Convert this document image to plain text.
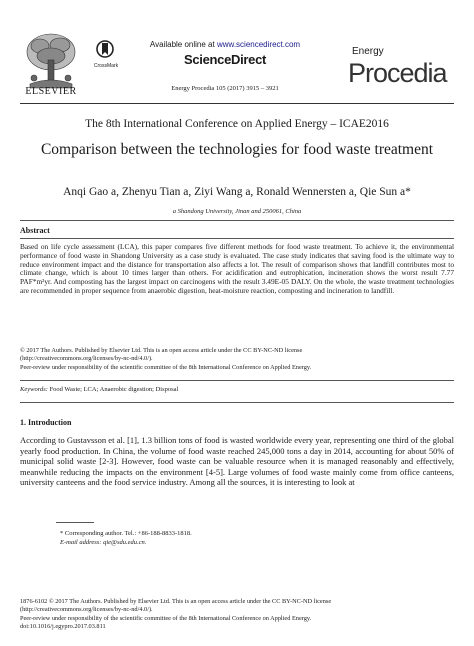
ELSEVIER
CrossMark
Available online at www.sciencedirect.com
ScienceDirect
Energy Procedia 105 (2017) 3915 – 3921
Energy
Procedia
The 8th International Conference on Applied Energy – ICAE2016
Comparison between the technologies for food waste treatment
Anqi Gao a, Zhenyu Tian a, Ziyi Wang a, Ronald Wennersten a, Qie Sun a*
a Shandong University, Jinan and 250061, China
Abstract
Based on life cycle assessment (LCA), this paper compares five different methods for food waste treatment. To achieve it, the environmental performance of food waste in Shandong University as a case study is evaluated. The case study indicates that saving food is the ultimate way to reduce environment impact and the distance for transportation also affects a lot. The result of comparison shows that landfill contributes most to climate change, which is about 10 times larger than others. For acidification and eutrophication, incineration shows the worst result 7.77 PAF*m²yr. And composting has the largest impact on carcinogens with the result 3.49E-05 DALY. On the whole, the waste treatment technologies are recommended in proper sequence from anaerobic digestion, heat-moisture reaction, composting and incineration to landfill.
© 2017 The Authors. Published by Elsevier Ltd. This is an open access article under the CC BY-NC-ND license
(http://creativecommons.org/licenses/by-nc-nd/4.0/).
Peer-review under responsibility of the scientific committee of the 8th International Conference on Applied Energy.
Keywords: Food Waste; LCA; Anaerobic digestion; Disposal
1. Introduction
According to Gustavsson et al. [1], 1.3 billion tons of food is wasted worldwide every year, representing one third of the global yearly food production. In China, the volume of food waste reached 245,000 tons a day in 2014, accounting for about 50% of municipal solid waste [2-3]. However, food waste can be valuable resource when it is managed reasonably and effectively, meanwhile reducing the impacts on the environment [4-5]. Large volumes of food waste mainly come from office canteens, university canteens and the food service industry. Among all the sources, it is interesting to look at
* Corresponding author. Tel.: +86-188-8833-1818.
E-mail address: qie@sdu.edu.cn.
1876-6102 © 2017 The Authors. Published by Elsevier Ltd. This is an open access article under the CC BY-NC-ND license
(http://creativecommons.org/licenses/by-nc-nd/4.0/).
Peer-review under responsibility of the scientific committee of the 8th International Conference on Applied Energy.
doi:10.1016/j.egypro.2017.03.811
